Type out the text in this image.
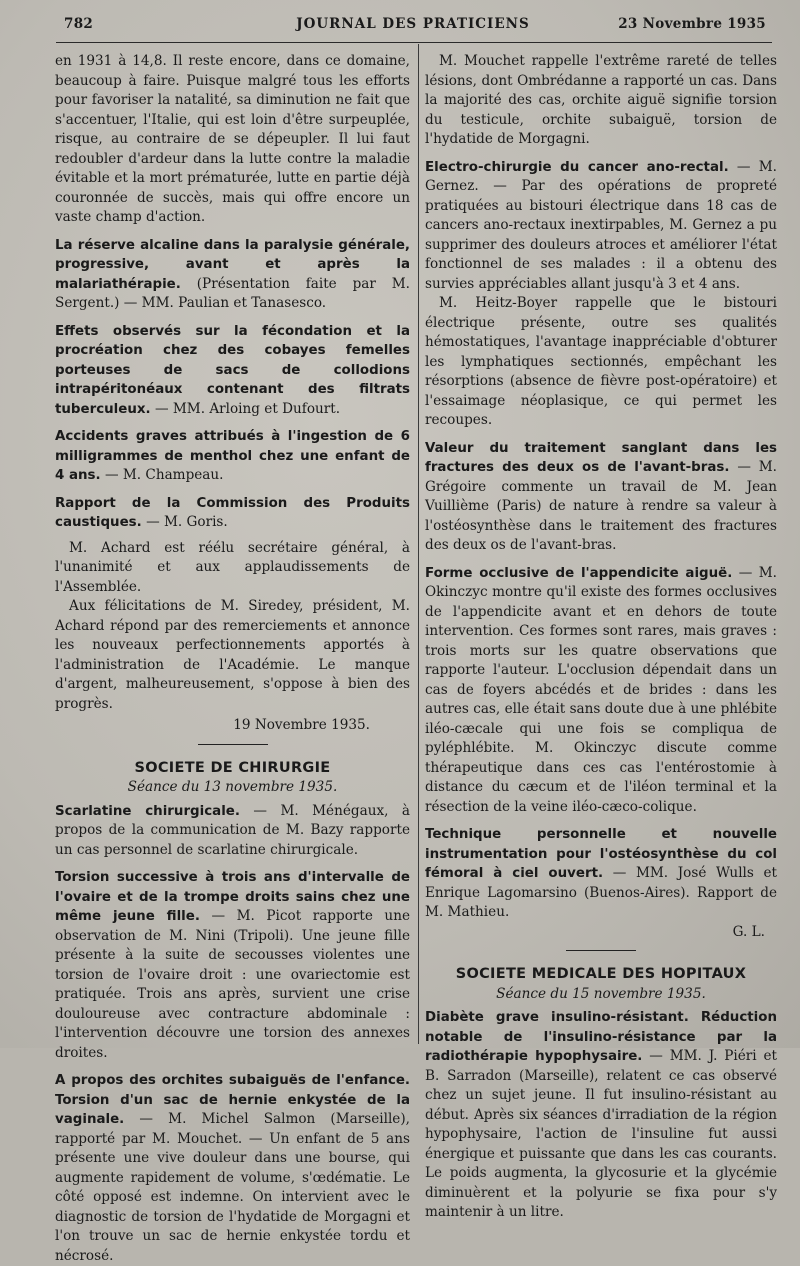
782	JOURNAL DES PRATICIENS	23 Novembre 1935

en 1931 à 14,8. Il reste encore, dans ce domaine, beaucoup à faire. Puisque malgré tous les efforts pour favoriser la natalité, sa diminution ne fait que s'accentuer, l'Italie, qui est loin d'être surpeuplée, risque, au contraire de se dépeupler. Il lui faut redoubler d'ardeur dans la lutte contre la maladie évitable et la mort prématurée, lutte en partie déjà couronnée de succès, mais qui offre encore un vaste champ d'action.

La réserve alcaline dans la paralysie générale, progressive, avant et après la malariathérapie. (Présentation faite par M. Sergent.) — MM. Paulian et Tanasesco.
Effets observés sur la fécondation et la procréation chez des cobayes femelles porteuses de sacs de collodions intrapéritonéaux contenant des filtrats tuberculeux. — MM. Arloing et Dufourt.
Accidents graves attribués à l'ingestion de 6 milligrammes de menthol chez une enfant de 4 ans. — M. Champeau.
Rapport de la Commission des Produits caustiques. — M. Goris.

M. Achard est réélu secrétaire général, à l'unanimité et aux applaudissements de l'Assemblée.

Aux félicitations de M. Siredey, président, M. Achard répond par des remerciements et annonce les nouveaux perfectionnements apportés à l'administration de l'Académie. Le manque d'argent, malheureusement, s'oppose à bien des progrès.

19 Novembre 1935.

SOCIETE DE CHIRURGIE
Séance du 13 novembre 1935.
Scarlatine chirurgicale. — M. Ménégaux, à propos de la communication de M. Bazy rapporte un cas personnel de scarlatine chirurgicale.
Torsion successive à trois ans d'intervalle de l'ovaire et de la trompe droits sains chez une même jeune fille. — M. Picot rapporte une observation de M. Nini (Tripoli). Une jeune fille présente à la suite de secousses violentes une torsion de l'ovaire droit : une ovariectomie est pratiquée. Trois ans après, survient une crise douloureuse avec contracture abdominale : l'intervention découvre une torsion des annexes droites.
A propos des orchites subaiguës de l'enfance. Torsion d'un sac de hernie enkystée de la vaginale. — M. Michel Salmon (Marseille), rapporté par M. Mouchet. — Un enfant de 5 ans présente une vive douleur dans une bourse, qui augmente rapidement de volume, s'œdématie. Le côté opposé est indemne. On intervient avec le diagnostic de torsion de l'hydatide de Morgagni et l'on trouve un sac de hernie enkystée tordu et nécrosé.

M. Mouchet rappelle l'extrême rareté de telles lésions, dont Ombrédanne a rapporté un cas. Dans la majorité des cas, orchite aiguë signifie torsion du testicule, orchite subaiguë, torsion de l'hydatide de Morgagni.

Electro-chirurgie du cancer ano-rectal. — M. Gernez. — Par des opérations de propreté pratiquées au bistouri électrique dans 18 cas de cancers ano-rectaux inextirpables, M. Gernez a pu supprimer des douleurs atroces et améliorer l'état fonctionnel de ses malades : il a obtenu des survies appréciables allant jusqu'à 3 et 4 ans.

M. Heitz-Boyer rappelle que le bistouri électrique présente, outre ses qualités hémostatiques, l'avantage inappréciable d'obturer les lymphatiques sectionnés, empêchant les résorptions (absence de fièvre post-opératoire) et l'essaimage néoplasique, ce qui permet les recoupes.

Valeur du traitement sanglant dans les fractures des deux os de l'avant-bras. — M. Grégoire commente un travail de M. Jean Vuillième (Paris) de nature à rendre sa valeur à l'ostéosynthèse dans le traitement des fractures des deux os de l'avant-bras.
Forme occlusive de l'appendicite aiguë. — M. Okinczyc montre qu'il existe des formes occlusives de l'appendicite avant et en dehors de toute intervention. Ces formes sont rares, mais graves : trois morts sur les quatre observations que rapporte l'auteur. L'occlusion dépendait dans un cas de foyers abcédés et de brides : dans les autres cas, elle était sans doute due à une phlébite iléo-cæcale qui une fois se compliqua de pyléphlébite. M. Okinczyc discute comme thérapeutique dans ces cas l'entérostomie à distance du cæcum et de l'iléon terminal et la résection de la veine iléo-cæco-colique.
Technique personnelle et nouvelle instrumentation pour l'ostéosynthèse du col fémoral à ciel ouvert. — MM. José Wulls et Enrique Lagomarsino (Buenos-Aires). Rapport de M. Mathieu.

G. L.

SOCIETE MEDICALE DES HOPITAUX
Séance du 15 novembre 1935.
Diabète grave insulino-résistant. Réduction notable de l'insulino-résistance par la radiothérapie hypophysaire. — MM. J. Piéri et B. Sarradon (Marseille), relatent ce cas observé chez un sujet jeune. Il fut insulino-résistant au début. Après six séances d'irradiation de la région hypophysaire, l'action de l'insuline fut aussi énergique et puissante que dans les cas courants. Le poids augmenta, la glycosurie et la glycémie diminuèrent et la polyurie se fixa pour s'y maintenir à un litre.
